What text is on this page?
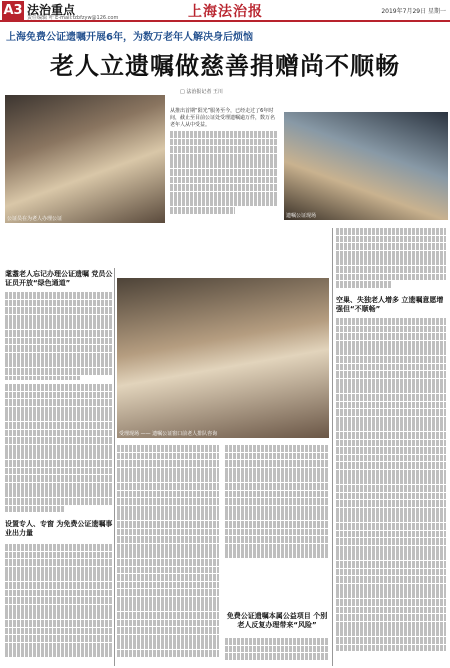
A3 法治重点
责任编辑 叶 E-mail:fzbfzyw@126.com	上海法治报	2019年7月29日 星期一
上海免费公证遗嘱开展6年，为数万老年人解决身后烦恼
老人立遗嘱做慈善捐赠尚不顺畅
□ 法治报记者 王川
公证员在为老人办理公证
从推出首期“阳光”服务至今，已经走过了6年时间，截止至目前公证处受理遗嘱逾万件，数万名老年人从中受益。
遗嘱公证现场
耄耋老人忘记办理公证遗嘱 党员公证员开放“绿色通道”
设置专人、专窗 为免费公证遗嘱事业出力量
受理现场 —— 遗嘱公证窗口前老人排队咨询
免费公证遗嘱本属公益项目 个别老人反复办理带来“风险”
空巢、失独老人增多 立遗嘱意愿增强但“不顺畅”
